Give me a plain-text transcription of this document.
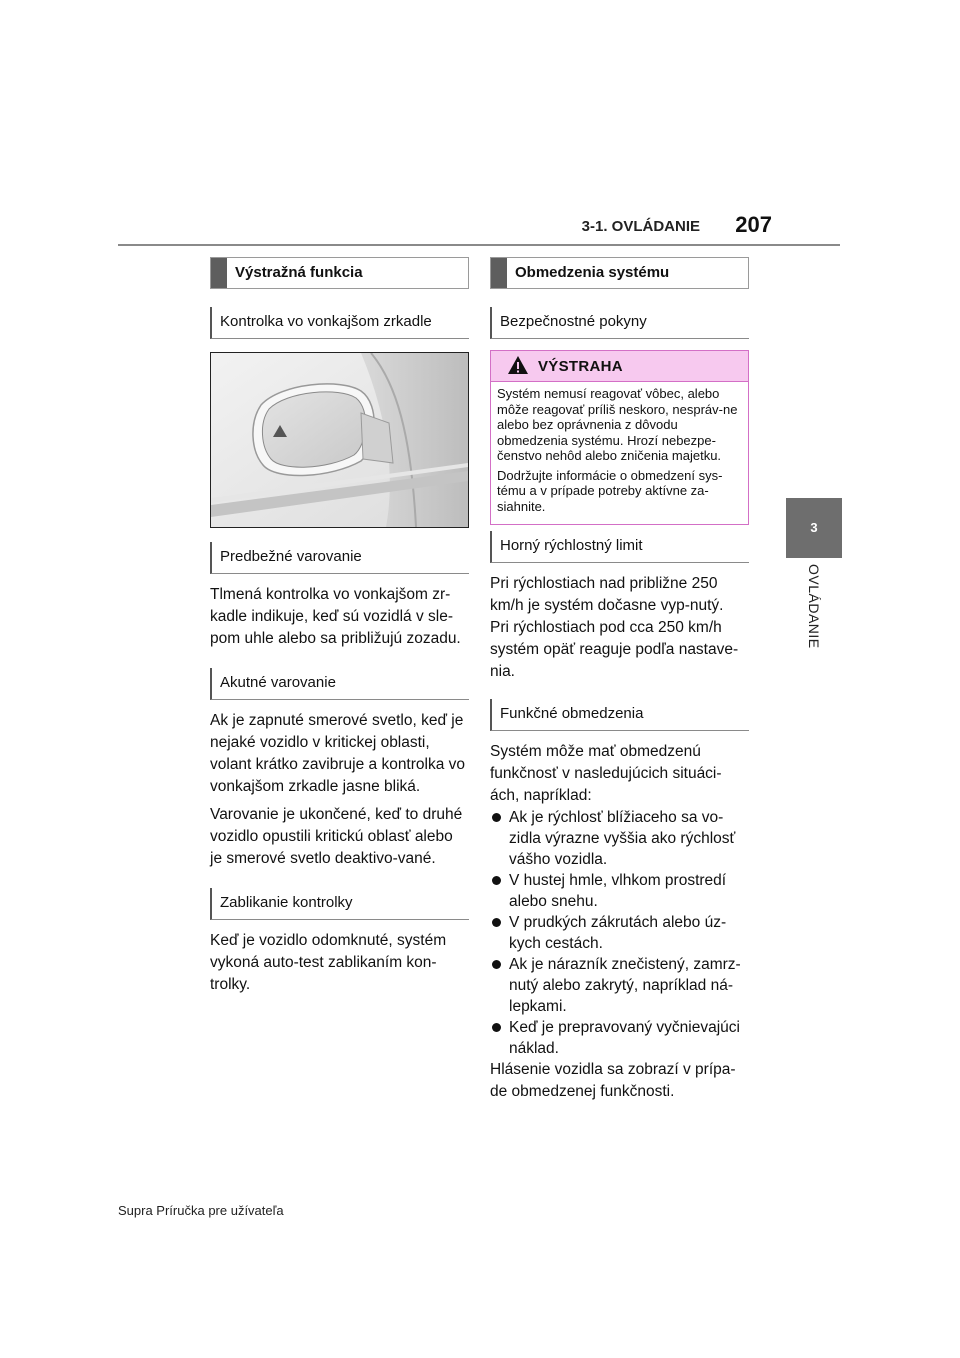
3-1. OVLÁDANIE 207
3
OVLÁDANIE
Výstražná funkcia
Kontrolka vo vonkajšom zrkadle
Predbežné varovanie

Tlmená kontrolka vo vonkajšom zr-kadle indikuje, keď sú vozidlá v sle-pom uhle alebo sa približujú zozadu.

Akutné varovanie

Ak je zapnuté smerové svetlo, keď je nejaké vozidlo v kritickej oblasti, volant krátko zavibruje a kontrolka vo vonkajšom zrkadle jasne bliká.

Varovanie je ukončené, keď to druhé vozidlo opustili kritickú oblasť alebo je smerové svetlo deaktivo-vané.

Zablikanie kontrolky

Keď je vozidlo odomknuté, systém vykoná auto-test zablikaním kon-trolky.

Obmedzenia systému
Bezpečnostné pokyny
VÝSTRAHA

Systém nemusí reagovať vôbec, alebo môže reagovať príliš neskoro, nespráv-ne alebo bez oprávnenia z dôvodu obmedzenia systému. Hrozí nebezpe-čenstvo nehôd alebo zničenia majetku.

Dodržujte informácie o obmedzení sys-tému a v prípade potreby aktívne za-siahnite.

Horný rýchlostný limit

Pri rýchlostiach nad približne 250 km/h je systém dočasne vyp-nutý.

Pri rýchlostiach pod cca 250 km/h systém opäť reaguje podľa nastave-nia.

Funkčné obmedzenia

Systém môže mať obmedzenú funkčnosť v nasledujúcich situáci-ách, napríklad:

Ak je rýchlosť blížiaceho sa vo-zidla výrazne vyššia ako rýchlosť vášho vozidla.
V hustej hmle, vlhkom prostredí alebo snehu.
V prudkých zákrutách alebo úz-kych cestách.
Ak je nárazník znečistený, zamrz-nutý alebo zakrytý, napríklad ná-lepkami.
Keď je prepravovaný vyčnievajúci náklad.

Hlásenie vozidla sa zobrazí v prípa-de obmedzenej funkčnosti.

Supra Príručka pre užívateľa
